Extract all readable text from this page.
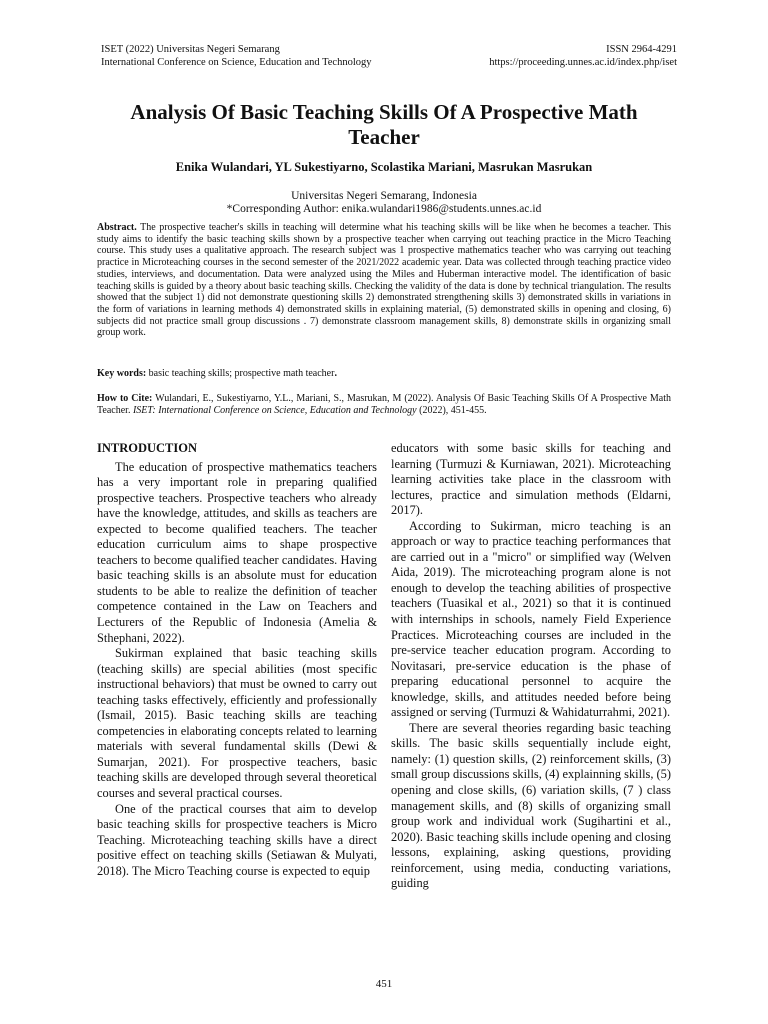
ISET (2022) Universitas Negeri Semarang
International Conference on Science, Education and Technology
ISSN 2964-4291
https://proceeding.unnes.ac.id/index.php/iset
Analysis Of Basic Teaching Skills Of A Prospective Math
Teacher
Enika Wulandari, YL Sukestiyarno, Scolastika Mariani, Masrukan Masrukan
Universitas Negeri Semarang, Indonesia
*Corresponding Author: enika.wulandari1986@students.unnes.ac.id

Abstract. The prospective teacher's skills in teaching will determine what his teaching skills will be like when he becomes a teacher. This study aims to identify the basic teaching skills shown by a prospective teacher when carrying out teaching practice in the Micro Teaching course. This study uses a qualitative approach. The research subject was 1 prospective mathematics teacher who was carrying out teaching practice in Microteaching courses in the second semester of the 2021/2022 academic year. Data was collected through teaching practice video studies, interviews, and documentation. Data were analyzed using the Miles and Huberman interactive model. The identification of basic teaching skills is guided by a theory about basic teaching skills. Checking the validity of the data is done by technical triangulation. The results showed that the subject 1) did not demonstrate questioning skills 2) demonstrated strengthening skills 3) demonstrated skills in variations in the form of variations in learning methods 4) demonstrated skills in explaining material, (5) demonstrated skills in opening and closing, 6) subjects did not practice small group discussions . 7) demonstrate classroom management skills, 8) demonstrate skills in organizing small group work.

Key words: basic teaching skills; prospective math teacher.

How to Cite: Wulandari, E., Sukestiyarno, Y.L., Mariani, S., Masrukan, M (2022). Analysis Of Basic Teaching Skills Of A Prospective Math Teacher. ISET: International Conference on Science, Education and Technology (2022), 451-455.

INTRODUCTION

The education of prospective mathematics teachers has a very important role in preparing qualified prospective teachers. Prospective teachers who already have the knowledge, attitudes, and skills as teachers are expected to become qualified teachers. The teacher education curriculum aims to shape prospective teachers to become qualified teacher candidates. Having basic teaching skills is an absolute must for education students to be able to realize the definition of teacher competence contained in the Law on Teachers and Lecturers of the Republic of Indonesia (Amelia & Sthephani, 2022).

Sukirman explained that basic teaching skills (teaching skills) are special abilities (most specific instructional behaviors) that must be owned to carry out teaching tasks effectively, efficiently and professionally (Ismail, 2015). Basic teaching skills are teaching competencies in elaborating concepts related to learning materials with several fundamental skills (Dewi & Sumarjan, 2021). For prospective teachers, basic teaching skills are developed through several theoretical courses and several practical courses.

One of the practical courses that aim to develop basic teaching skills for prospective teachers is Micro Teaching. Microteaching teaching skills have a direct positive effect on teaching skills (Setiawan & Mulyati, 2018). The Micro Teaching course is expected to equip

educators with some basic skills for teaching and learning (Turmuzi & Kurniawan, 2021). Microteaching learning activities take place in the classroom with lectures, practice and simulation methods (Eldarni, 2017).

According to Sukirman, micro teaching is an approach or way to practice teaching performances that are carried out in a "micro" or simplified way (Welven Aida, 2019). The microteaching program alone is not enough to develop the teaching abilities of prospective teachers (Tuasikal et al., 2021) so that it is continued with internships in schools, namely Field Experience Practices. Microteaching courses are included in the pre-service teacher education program. According to Novitasari, pre-service education is the phase of preparing educational personnel to acquire the knowledge, skills, and attitudes needed before being assigned or serving (Turmuzi & Wahidaturrahmi, 2021).

There are several theories regarding basic teaching skills. The basic skills sequentially include eight, namely: (1) question skills, (2) reinforcement skills, (3) small group discussions skills, (4) explainning skills, (5) opening and close skills, (6) variation skills, (7 ) class management skills, and (8) skills of organizing small group work and individual work (Sugihartini et al., 2020). Basic teaching skills include opening and closing lessons, explaining, asking questions, providing reinforcement, using media, conducting variations, guiding

451
